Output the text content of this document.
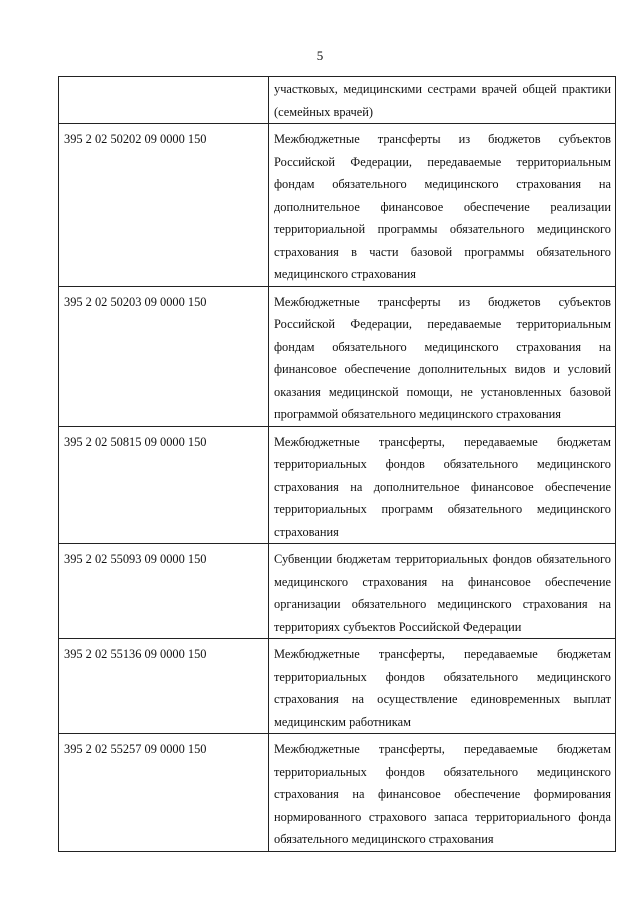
5
	участковых, медицинскими сестрами врачей общей практики (семейных врачей)
395 2 02 50202 09 0000 150	Межбюджетные трансферты из бюджетов субъектов Российской Федерации, передаваемые территориальным фондам обязательного медицинского страхования на дополнительное финансовое обеспечение реализации территориальной программы обязательного медицинского страхования в части базовой программы обязательного медицинского страхования
395 2 02 50203 09 0000 150	Межбюджетные трансферты из бюджетов субъектов Российской Федерации, передаваемые территориальным фондам обязательного медицинского страхования на финансовое обеспечение дополнительных видов и условий оказания медицинской помощи, не установленных базовой программой обязательного медицинского страхования
395 2 02 50815 09 0000 150	Межбюджетные трансферты, передаваемые бюджетам территориальных фондов обязательного медицинского страхования на дополнительное финансовое обеспечение территориальных программ обязательного медицинского страхования
395 2 02 55093 09 0000 150	Субвенции бюджетам территориальных фондов обязательного медицинского страхования на финансовое обеспечение организации обязательного медицинского страхования на территориях субъектов Российской Федерации
395 2 02 55136 09 0000 150	Межбюджетные трансферты, передаваемые бюджетам территориальных фондов обязательного медицинского страхования на осуществление единовременных выплат медицинским работникам
395 2 02 55257 09 0000 150	Межбюджетные трансферты, передаваемые бюджетам территориальных фондов обязательного медицинского страхования на финансовое обеспечение формирования нормированного страхового запаса территориального фонда обязательного медицинского страхования
